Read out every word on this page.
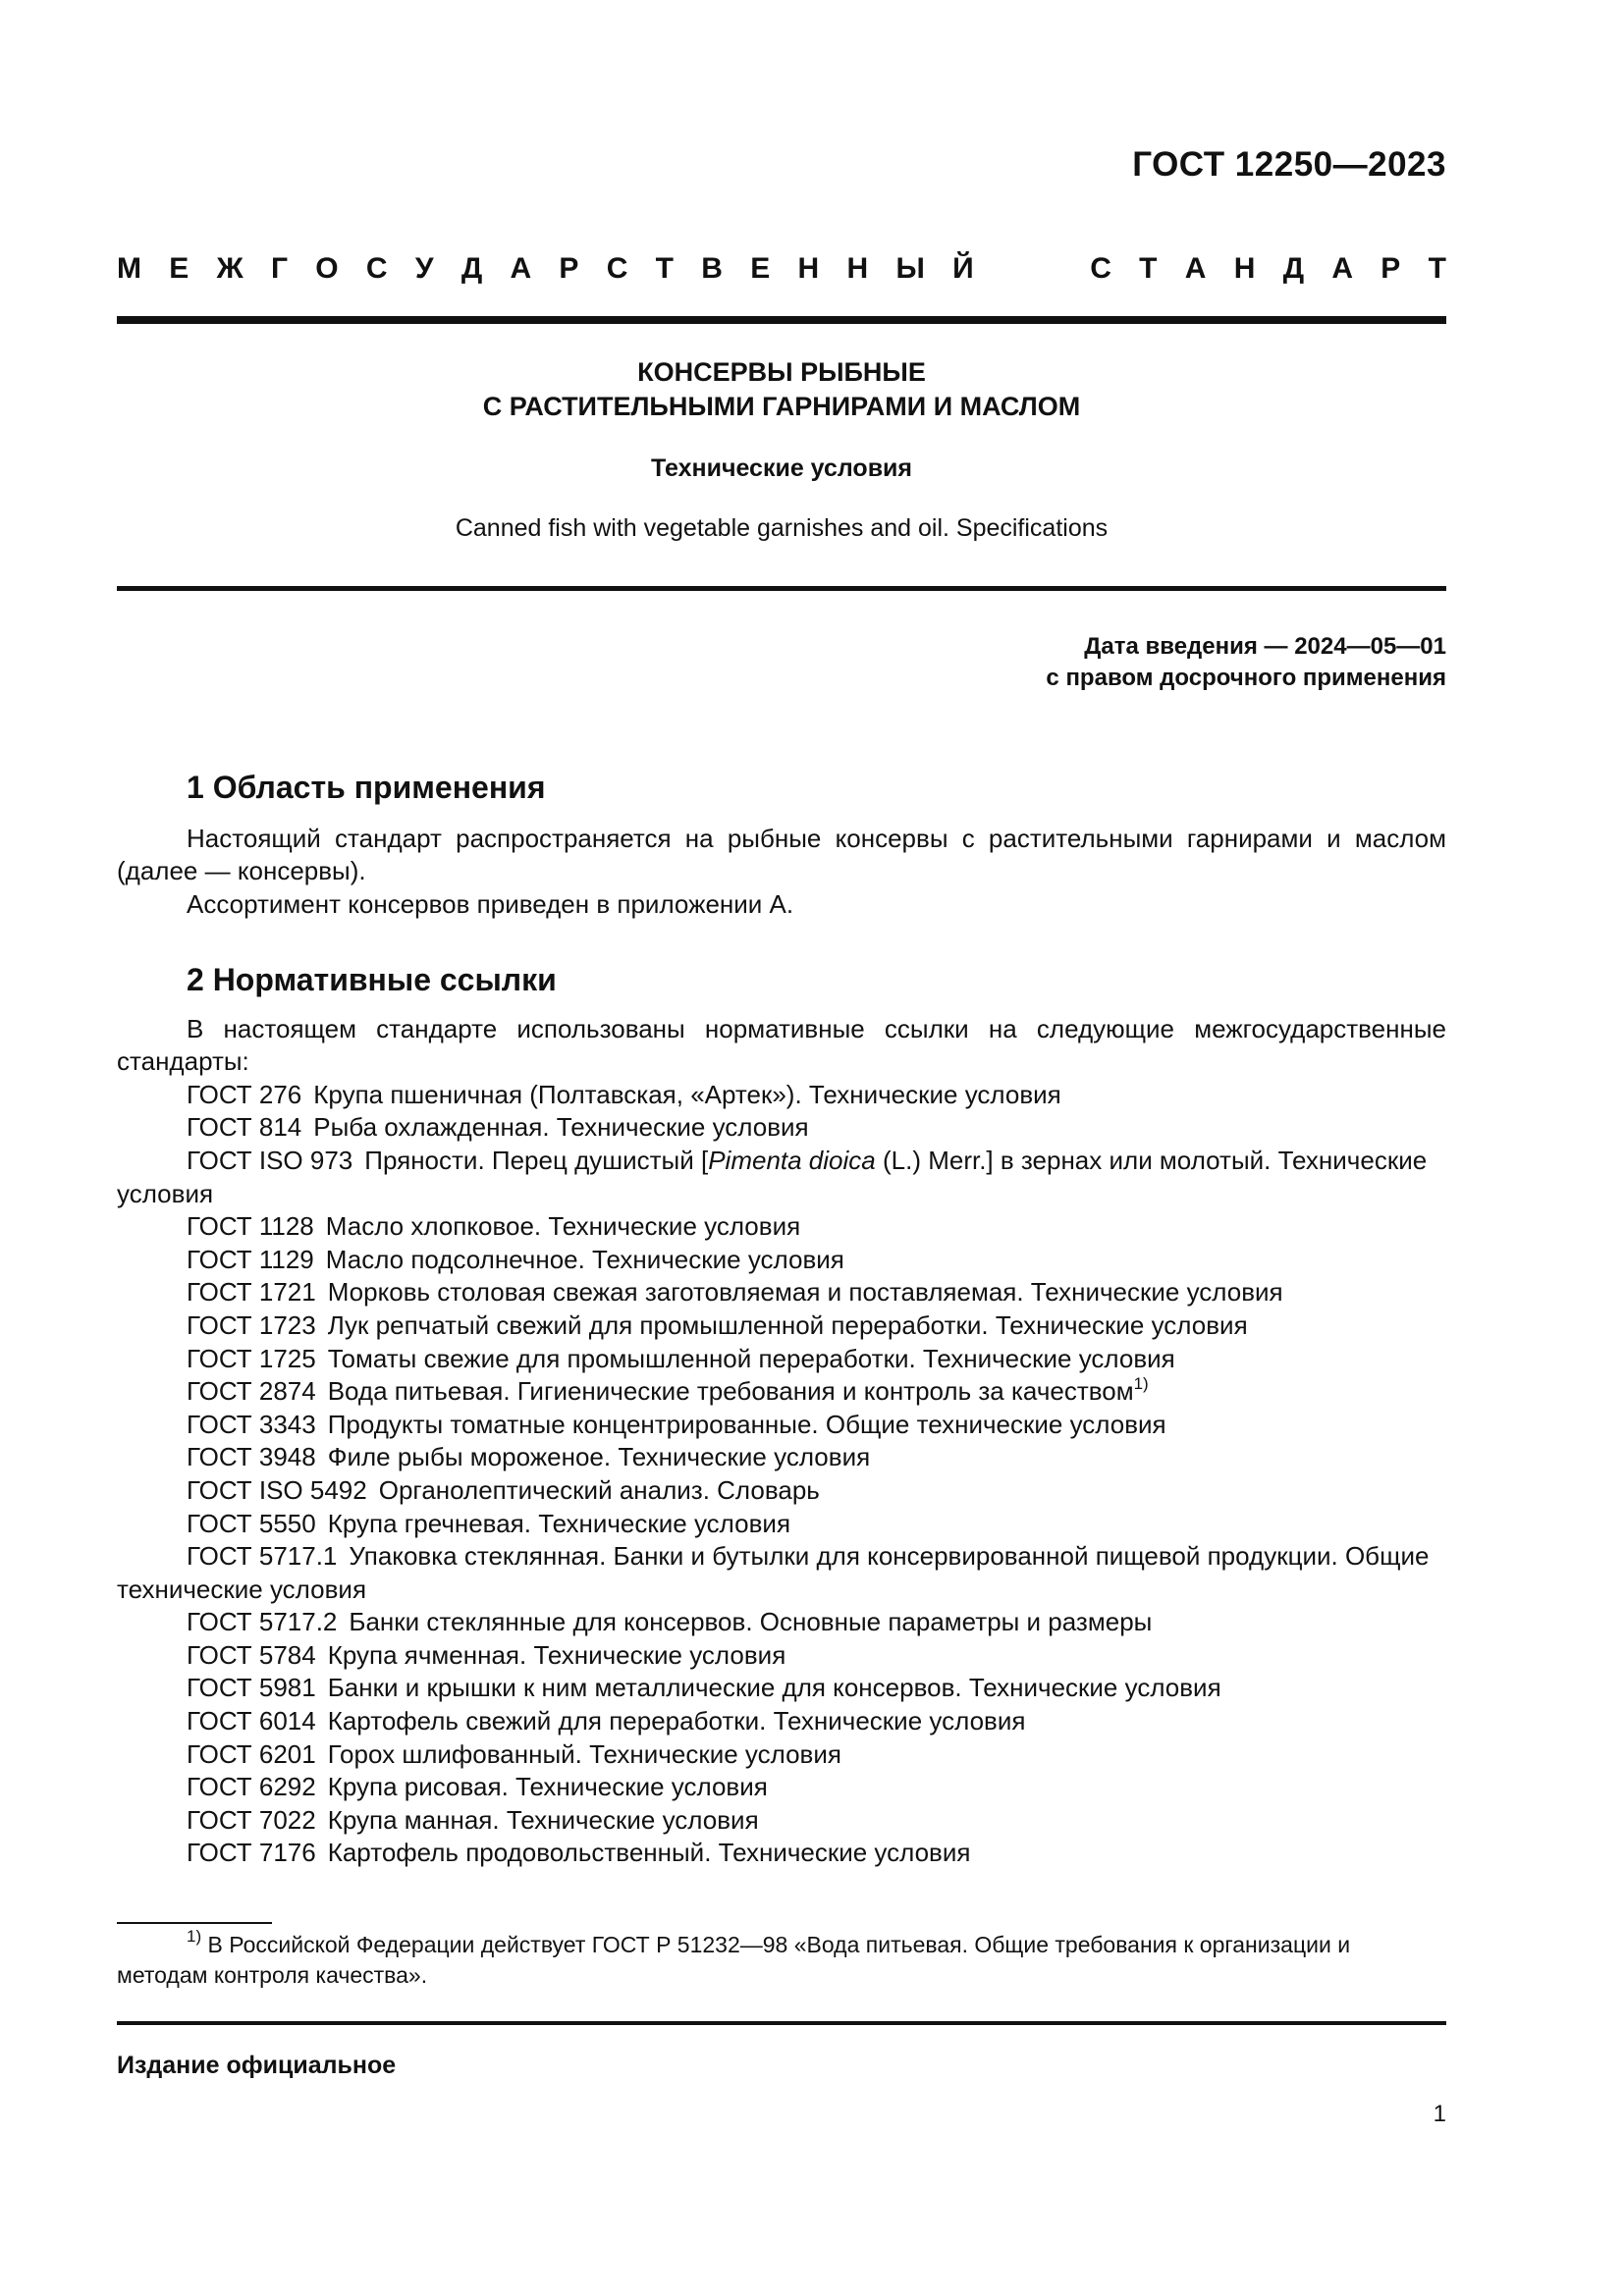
ГОСТ 12250—2023
М Е Ж Г О С У Д А Р С Т В Е Н Н Ы Й	С Т А Н Д А Р Т
КОНСЕРВЫ РЫБНЫЕ
С РАСТИТЕЛЬНЫМИ ГАРНИРАМИ И МАСЛОМ
Технические условия
Canned fish with vegetable garnishes and oil. Specifications
Дата введения — 2024—05—01
с правом досрочного применения
1 Область применения

Настоящий стандарт распространяется на рыбные консервы с растительными гарнирами и маслом (далее — консервы).

Ассортимент консервов приведен в приложении А.

2 Нормативные ссылки

В настоящем стандарте использованы нормативные ссылки на следующие межгосударственные стандарты:

ГОСТ 276 Крупа пшеничная (Полтавская, «Артек»). Технические условия

ГОСТ 814 Рыба охлажденная. Технические условия

ГОСТ ISO 973 Пряности. Перец душистый [Pimenta dioica (L.) Merr.] в зернах или молотый. Технические условия

ГОСТ 1128 Масло хлопковое. Технические условия

ГОСТ 1129 Масло подсолнечное. Технические условия

ГОСТ 1721 Морковь столовая свежая заготовляемая и поставляемая. Технические условия

ГОСТ 1723 Лук репчатый свежий для промышленной переработки. Технические условия

ГОСТ 1725 Томаты свежие для промышленной переработки. Технические условия

ГОСТ 2874 Вода питьевая. Гигиенические требования и контроль за качеством$^{1)}$

ГОСТ 3343 Продукты томатные концентрированные. Общие технические условия

ГОСТ 3948 Филе рыбы мороженое. Технические условия

ГОСТ ISO 5492 Органолептический анализ. Словарь

ГОСТ 5550 Крупа гречневая. Технические условия

ГОСТ 5717.1 Упаковка стеклянная. Банки и бутылки для консервированной пищевой продукции. Общие технические условия

ГОСТ 5717.2 Банки стеклянные для консервов. Основные параметры и размеры

ГОСТ 5784 Крупа ячменная. Технические условия

ГОСТ 5981 Банки и крышки к ним металлические для консервов. Технические условия

ГОСТ 6014 Картофель свежий для переработки. Технические условия

ГОСТ 6201 Горох шлифованный. Технические условия

ГОСТ 6292 Крупа рисовая. Технические условия

ГОСТ 7022 Крупа манная. Технические условия

ГОСТ 7176 Картофель продовольственный. Технические условия

$^{1)}$ В Российской Федерации действует ГОСТ Р 51232—98 «Вода питьевая. Общие требования к организации и методам контроля качества».
Издание официальное
1
